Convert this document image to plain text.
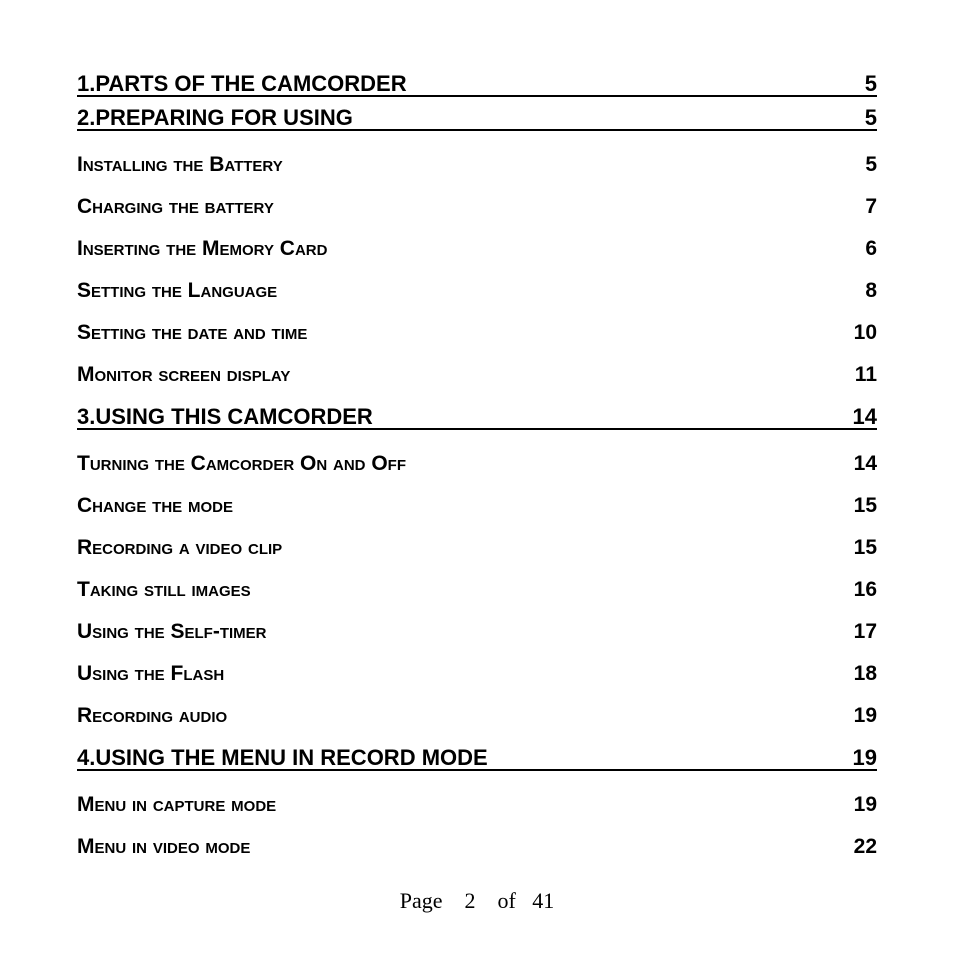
1.PARTS OF THE CAMCORDER	5
2.PREPARING FOR USING	5
Installing the Battery	5
Charging the battery	7
Inserting the Memory Card	6
Setting the Language	8
Setting the date and time	10
Monitor screen display	11
3.USING THIS CAMCORDER	14
Turning the Camcorder On and Off	14
Change the mode	15
Recording a video clip	15
Taking still images	16
Using the Self-timer	17
Using the Flash	18
Recording audio	19
4.USING THE MENU IN RECORD MODE	19
Menu in capture mode	19
Menu in video mode	22
Page 2 of 41
